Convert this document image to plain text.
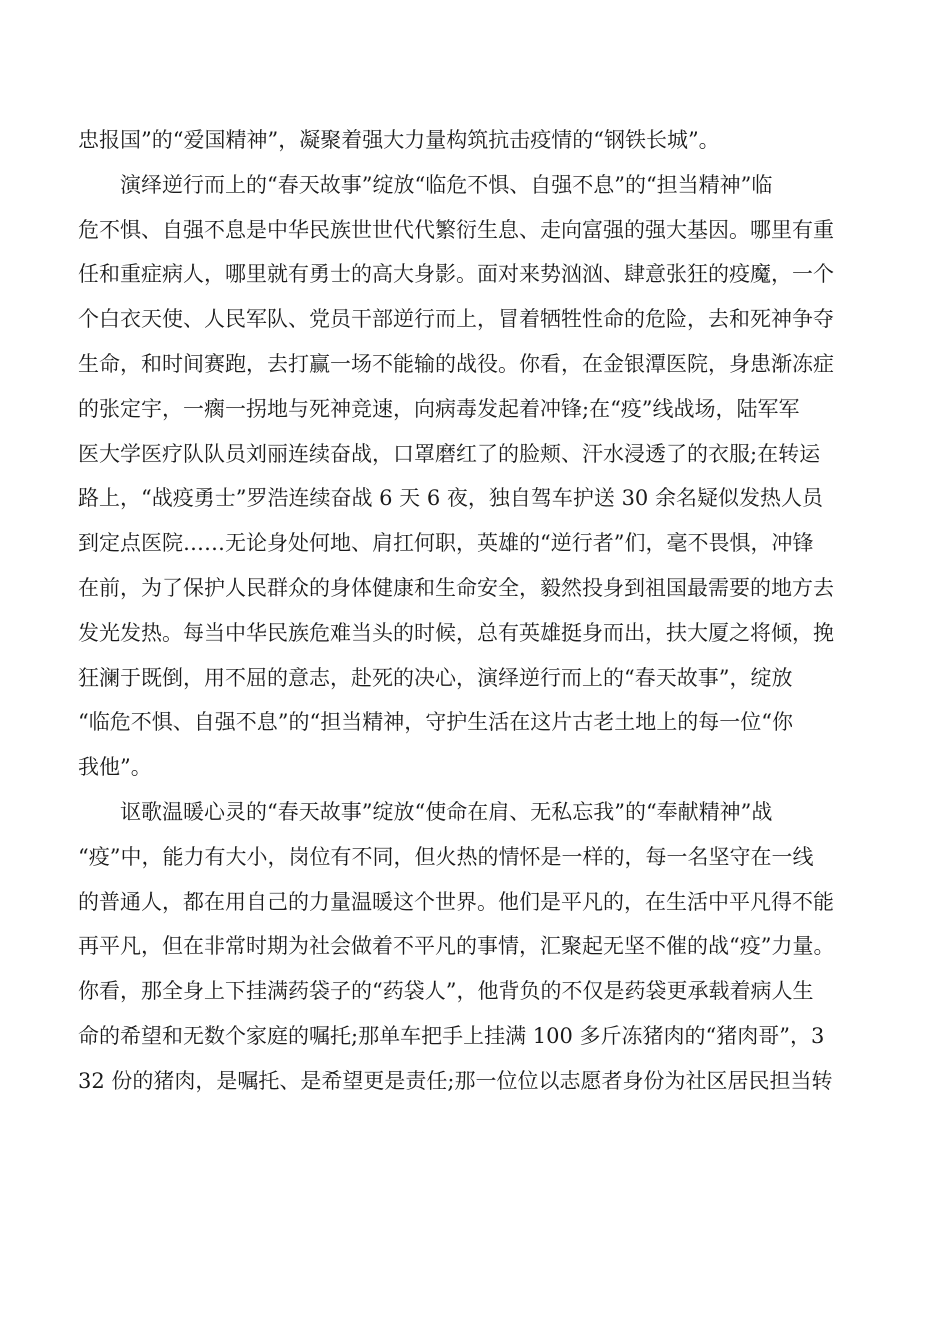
忠报国”的“爱国精神”，凝聚着强大力量构筑抗击疫情的“钢铁长城”。
演绎逆行而上的“春天故事”绽放“临危不惧、自强不息”的“担当精神”临
危不惧、自强不息是中华民族世世代代繁衍生息、走向富强的强大基因。哪里有重
任和重症病人，哪里就有勇士的高大身影。面对来势汹汹、肆意张狂的疫魔，一个
个白衣天使、人民军队、党员干部逆行而上，冒着牺牲性命的危险，去和死神争夺
生命，和时间赛跑，去打赢一场不能输的战役。你看，在金银潭医院，身患渐冻症
的张定宇，一瘸一拐地与死神竞速，向病毒发起着冲锋;在“疫”线战场，陆军军
医大学医疗队队员刘丽连续奋战，口罩磨红了的脸颊、汗水浸透了的衣服;在转运
路上，“战疫勇士”罗浩连续奋战 6 天 6 夜，独自驾车护送 30 余名疑似发热人员
到定点医院……无论身处何地、肩扛何职，英雄的“逆行者”们，毫不畏惧，冲锋
在前，为了保护人民群众的身体健康和生命安全，毅然投身到祖国最需要的地方去
发光发热。每当中华民族危难当头的时候，总有英雄挺身而出，扶大厦之将倾，挽
狂澜于既倒，用不屈的意志，赴死的决心，演绎逆行而上的“春天故事”，绽放
“临危不惧、自强不息”的“担当精神，守护生活在这片古老土地上的每一位“你
我他”。
讴歌温暖心灵的“春天故事”绽放“使命在肩、无私忘我”的“奉献精神”战
“疫”中，能力有大小，岗位有不同，但火热的情怀是一样的，每一名坚守在一线
的普通人，都在用自己的力量温暖这个世界。他们是平凡的，在生活中平凡得不能
再平凡，但在非常时期为社会做着不平凡的事情，汇聚起无坚不催的战“疫”力量。
你看，那全身上下挂满药袋子的“药袋人”，他背负的不仅是药袋更承载着病人生
命的希望和无数个家庭的嘱托;那单车把手上挂满 100 多斤冻猪肉的“猪肉哥”，3
32 份的猪肉，是嘱托、是希望更是责任;那一位位以志愿者身份为社区居民担当转
